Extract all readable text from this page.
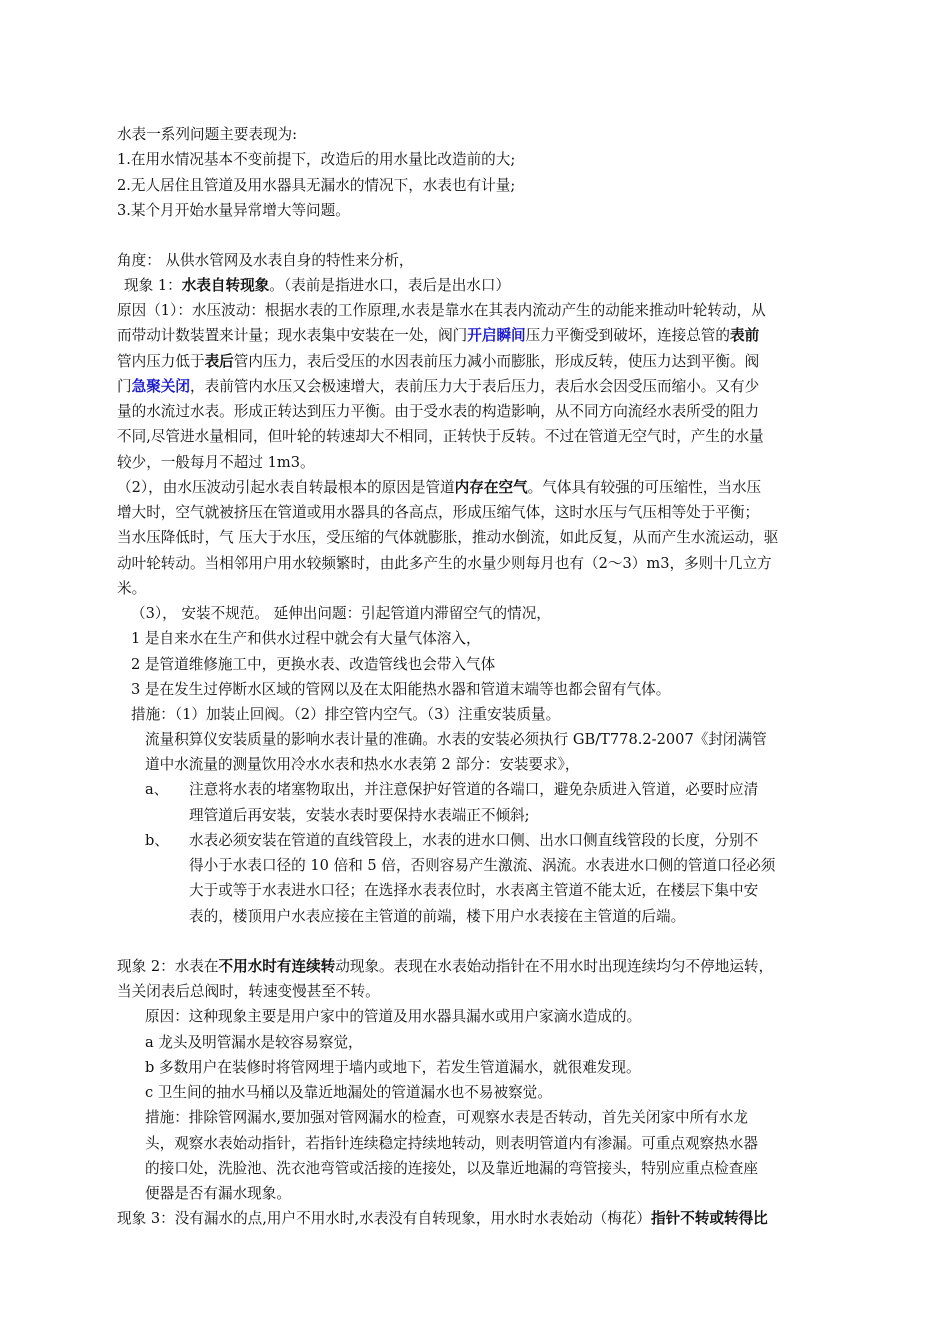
水表一系列问题主要表现为:
1.在用水情况基本不变前提下，改造后的用水量比改造前的大;
2.无人居住且管道及用水器具无漏水的情况下，水表也有计量;
3.某个月开始水量异常增大等问题。
角度： 从供水管网及水表自身的特性来分析，
现象 1：水表自转现象。（表前是指进水口，表后是出水口）
原因（1）：水压波动：根据水表的工作原理,水表是靠水在其表内流动产生的动能来推动叶轮转动，从
而带动计数装置来计量；现水表集中安装在一处，阀门开启瞬间压力平衡受到破坏，连接总管的表前
管内压力低于表后管内压力，表后受压的水因表前压力减小而膨胀，形成反转，使压力达到平衡。阀
门急聚关闭，表前管内水压又会极速增大，表前压力大于表后压力，表后水会因受压而缩小。又有少
量的水流过水表。形成正转达到压力平衡。由于受水表的构造影响，从不同方向流经水表所受的阻力
不同,尽管进水量相同，但叶轮的转速却大不相同，正转快于反转。不过在管道无空气时，产生的水量
较少，一般每月不超过 1m3。
（2），由水压波动引起水表自转最根本的原因是管道内存在空气。气体具有较强的可压缩性，当水压
增大时，空气就被挤压在管道或用水器具的各高点，形成压缩气体，这时水压与气压相等处于平衡；
当水压降低时，气 压大于水压，受压缩的气体就膨胀，推动水倒流，如此反复，从而产生水流运动，驱
动叶轮转动。当相邻用户用水较频繁时，由此多产生的水量少则每月也有（2～3）m3，多则十几立方
米。
（3）， 安装不规范。 延伸出问题：引起管道内滞留空气的情况，
1 是自来水在生产和供水过程中就会有大量气体溶入，
2 是管道维修施工中，更换水表、改造管线也会带入气体
3 是在发生过停断水区域的管网以及在太阳能热水器和管道末端等也都会留有气体。
措施：（1）加装止回阀。（2）排空管内空气。（3）注重安装质量。
流量积算仪安装质量的影响水表计量的准确。水表的安装必须执行 GB/T778.2-2007《封闭满管
道中水流量的测量饮用冷水水表和热水水表第 2 部分：安装要求》，
a、 注意将水表的堵塞物取出，并注意保护好管道的各端口，避免杂质进入管道，必要时应清
理管道后再安装，安装水表时要保持水表端正不倾斜;
b、 水表必须安装在管道的直线管段上，水表的进水口侧、出水口侧直线管段的长度，分别不
得小于水表口径的 10 倍和 5 倍，否则容易产生激流、涡流。水表进水口侧的管道口径必须
大于或等于水表进水口径；在选择水表表位时，水表离主管道不能太近，在楼层下集中安
表的，楼顶用户水表应接在主管道的前端，楼下用户水表接在主管道的后端。
现象 2：水表在不用水时有连续转动现象。表现在水表始动指针在不用水时出现连续均匀不停地运转，
当关闭表后总阀时，转速变慢甚至不转。
原因：这种现象主要是用户家中的管道及用水器具漏水或用户家滴水造成的。
a 龙头及明管漏水是较容易察觉，
b 多数用户在装修时将管网埋于墙内或地下，若发生管道漏水，就很难发现。
c 卫生间的抽水马桶以及靠近地漏处的管道漏水也不易被察觉。
措施：排除管网漏水,要加强对管网漏水的检查，可观察水表是否转动，首先关闭家中所有水龙
头，观察水表始动指针，若指针连续稳定持续地转动，则表明管道内有渗漏。可重点观察热水器
的接口处，洗脸池、洗衣池弯管或活接的连接处，以及靠近地漏的弯管接头，特别应重点检查座
便器是否有漏水现象。
现象 3：没有漏水的点,用户不用水时,水表没有自转现象，用水时水表始动（梅花）指针不转或转得比
